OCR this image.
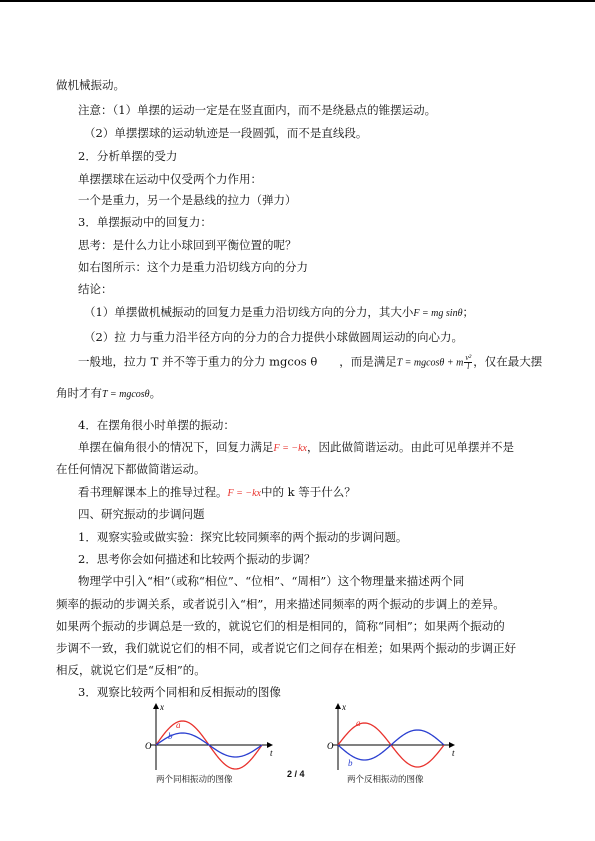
做机械振动。
注意：（1）单摆的运动一定是在竖直面内，而不是绕悬点的锥摆运动。
（2）单摆摆球的运动轨迹是一段圆弧，而不是直线段。
2．分析单摆的受力
单摆摆球在运动中仅受两个力作用：
一个是重力，另一个是悬线的拉力（弹力）
3．单摆振动中的回复力：
思考：是什么力让小球回到平衡位置的呢？
如右图所示：这个力是重力沿切线方向的分力
结论：
（1）单摆做机械振动的回复力是重力沿切线方向的分力，其大小F = mg sinθ；
（2）拉 力与重力沿半径方向的分力的合力提供小球做圆周运动的向心力。
一般地，拉力 T 并不等于重力的分力 mgcos θ ，而是满足T = mgcosθ + m $\frac{\text{v²}}{l}$ ，仅在最大摆
角时才有T = mgcosθ。
4．在摆角很小时单摆的振动：
单摆在偏角很小的情况下，回复力满足F = −kx，因此做简谐运动。由此可见单摆并不是
在任何情况下都做简谐运动。
看书理解课本上的推导过程。F = −kx中的 k 等于什么？
四、研究振动的步调问题
1．观察实验或做实验：探究比较同频率的两个振动的步调问题。
2．思考你会如何描述和比较两个振动的步调？
物理学中引入“相”（或称“相位”、“位相”、“周相”）这个物理量来描述两个同
频率的振动的步调关系，或者说引入“相”，用来描述同频率的两个振动的步调上的差异。
如果两个振动的步调总是一致的，就说它们的相是相同的，简称“同相”；如果两个振动的
步调不一致，我们就说它们的相不同，或者说它们之间存在相差；如果两个振动的步调正好
相反，就说它们是“反相”的。
3．观察比较两个同相和反相振动的图像
x
t
O
a
b
两个同相振动的图像
x
t
O
a
b
两个反相振动的图像
2 / 4
